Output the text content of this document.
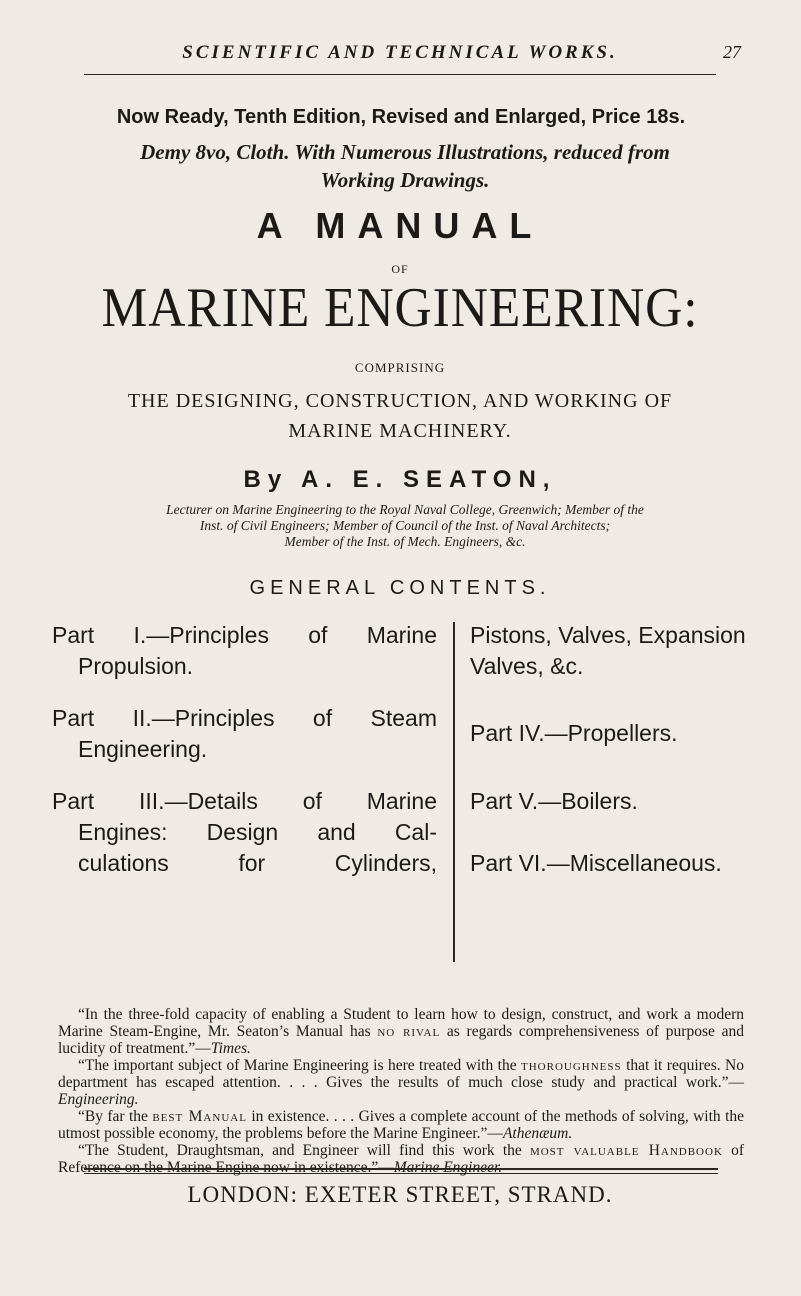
SCIENTIFIC AND TECHNICAL WORKS.	27
Now Ready, Tenth Edition, Revised and Enlarged, Price 18s.
Demy 8vo, Cloth. With Numerous Illustrations, reduced from
Working Drawings.
A MANUAL
OF
MARINE ENGINEERING:
COMPRISING
THE DESIGNING, CONSTRUCTION, AND WORKING OF
MARINE MACHINERY.
By A. E. SEATON,
Lecturer on Marine Engineering to the Royal Naval College, Greenwich; Member of the
Inst. of Civil Engineers; Member of Council of the Inst. of Naval Architects;
Member of the Inst. of Mech. Engineers, &c.
GENERAL CONTENTS.
Part I.—Principles of Marine
Propulsion.
Part II.—Principles of Steam
Engineering.
Part III.—Details of Marine
Engines: Design and Cal-
culations for Cylinders,
Pistons, Valves, Expansion
Valves, &c.
Part IV.—Propellers.
Part V.—Boilers.
Part VI.—Miscellaneous.

“In the three-fold capacity of enabling a Student to learn how to design, construct, and work a modern Marine Steam-Engine, Mr. Seaton’s Manual has no rival as regards comprehensiveness of purpose and lucidity of treatment.”—Times.

“The important subject of Marine Engineering is here treated with the thoroughness that it requires. No department has escaped attention. . . . Gives the results of much close study and practical work.”—Engineering.

“By far the best Manual in existence. . . . Gives a complete account of the methods of solving, with the utmost possible economy, the problems before the Marine Engineer.”—Athenæum.

“The Student, Draughtsman, and Engineer will find this work the most valuable Handbook of Reference on the Marine Engine now in existence.”—Marine Engineer.

LONDON: EXETER STREET, STRAND.
